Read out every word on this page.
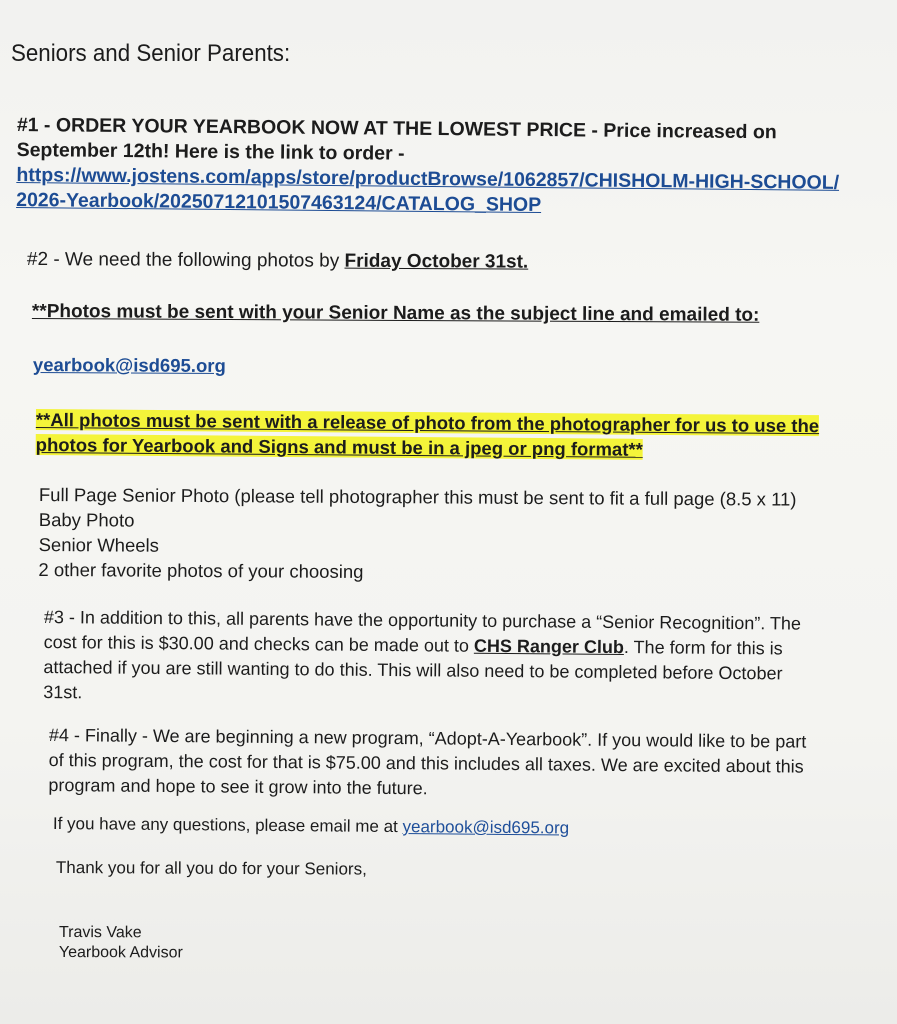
Seniors and Senior Parents:
#1 - ORDER YOUR YEARBOOK NOW AT THE LOWEST PRICE - Price increased on
September 12th! Here is the link to order -
https://www.jostens.com/apps/store/productBrowse/1062857/CHISHOLM-HIGH-SCHOOL/
2026-Yearbook/20250712101507463124/CATALOG_SHOP
#2 - We need the following photos by Friday October 31st.
**Photos must be sent with your Senior Name as the subject line and emailed to:
yearbook@isd695.org
**All photos must be sent with a release of photo from the photographer for us to use the
photos for Yearbook and Signs and must be in a jpeg or png format**
Full Page Senior Photo (please tell photographer this must be sent to fit a full page (8.5 x 11)
Baby Photo
Senior Wheels
2 other favorite photos of your choosing
#3 - In addition to this, all parents have the opportunity to purchase a “Senior Recognition”. The
cost for this is $30.00 and checks can be made out to CHS Ranger Club. The form for this is
attached if you are still wanting to do this. This will also need to be completed before October
31st.
#4 - Finally - We are beginning a new program, “Adopt-A-Yearbook”. If you would like to be part
of this program, the cost for that is $75.00 and this includes all taxes. We are excited about this
program and hope to see it grow into the future.
If you have any questions, please email me at yearbook@isd695.org
Thank you for all you do for your Seniors,
Travis Vake
Yearbook Advisor
